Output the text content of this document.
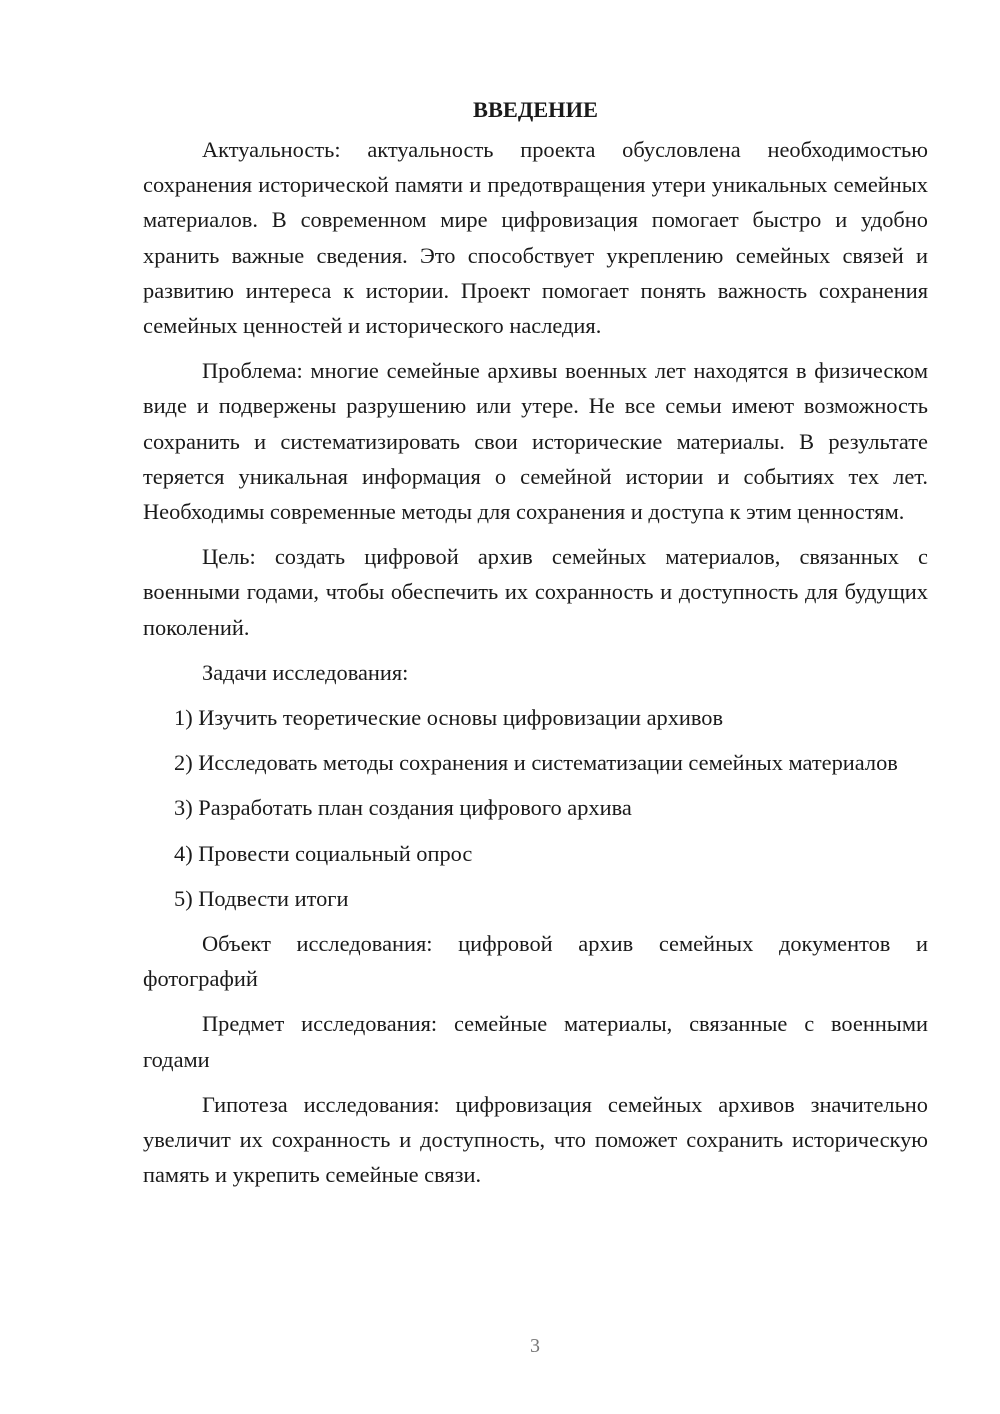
ВВЕДЕНИЕ

Актуальность: актуальность проекта обусловлена необходимостью сохранения исторической памяти и предотвращения утери уникальных семейных материалов. В современном мире цифровизация помогает быстро и удобно хранить важные сведения. Это способствует укреплению семейных связей и развитию интереса к истории. Проект помогает понять важность сохранения семейных ценностей и исторического наследия.

Проблема: многие семейные архивы военных лет находятся в физическом виде и подвержены разрушению или утере. Не все семьи имеют возможность сохранить и систематизировать свои исторические материалы. В результате теряется уникальная информация о семейной истории и событиях тех лет. Необходимы современные методы для сохранения и доступа к этим ценностям.

Цель: создать цифровой архив семейных материалов, связанных с военными годами, чтобы обеспечить их сохранность и доступность для будущих поколений.

Задачи исследования:

1) Изучить теоретические основы цифровизации архивов

2) Исследовать методы сохранения и систематизации семейных материалов

3) Разработать план создания цифрового архива

4) Провести социальный опрос

5) Подвести итоги

Объект исследования: цифровой архив семейных документов и фотографий

Предмет исследования: семейные материалы, связанные с военными годами

Гипотеза исследования: цифровизация семейных архивов значительно увеличит их сохранность и доступность, что поможет сохранить историческую память и укрепить семейные связи.

3
